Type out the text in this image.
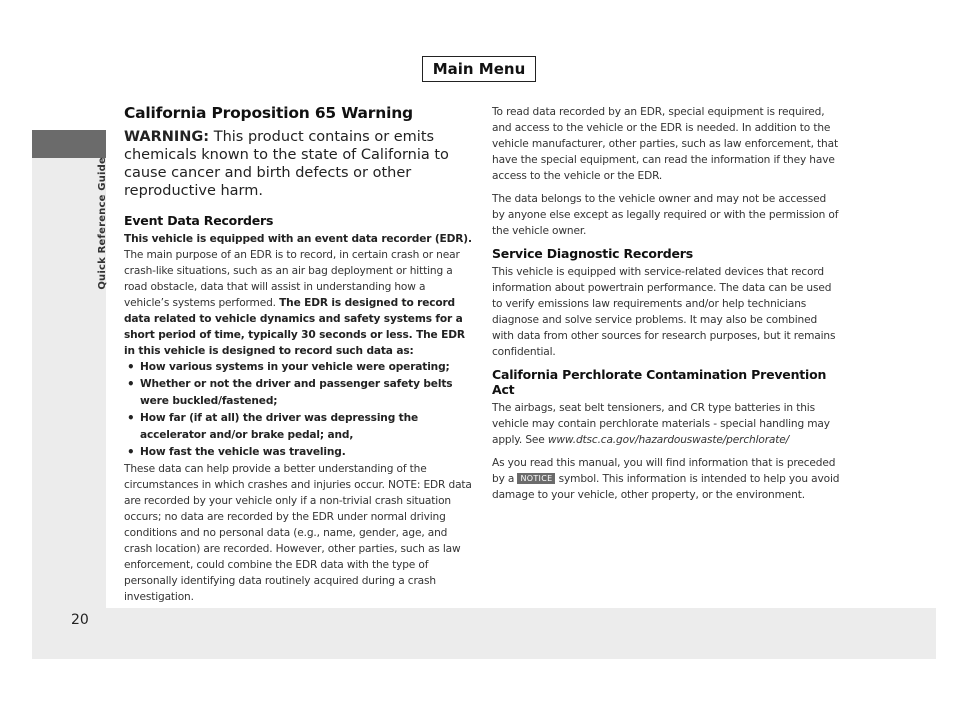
Main Menu
Quick Reference Guide
20
California Proposition 65 Warning
WARNING: This product contains or emits chemicals known to the state of California to cause cancer and birth defects or other reproductive harm.
Event Data Recorders

This vehicle is equipped with an event data recorder (EDR).

The main purpose of an EDR is to record, in certain crash or near crash-like situations, such as an air bag deployment or hitting a road obstacle, data that will assist in understanding how a vehicle’s systems performed. The EDR is designed to record data related to vehicle dynamics and safety systems for a short period of time, typically 30 seconds or less. The EDR in this vehicle is designed to record such data as:

• How various systems in your vehicle were operating;
• Whether or not the driver and passenger safety belts were buckled/fastened;
• How far (if at all) the driver was depressing the accelerator and/or brake pedal; and,
• How fast the vehicle was traveling.

These data can help provide a better understanding of the circumstances in which crashes and injuries occur. NOTE: EDR data are recorded by your vehicle only if a non-trivial crash situation occurs; no data are recorded by the EDR under normal driving conditions and no personal data (e.g., name, gender, age, and crash location) are recorded. However, other parties, such as law enforcement, could combine the EDR data with the type of personally identifying data routinely acquired during a crash investigation.

To read data recorded by an EDR, special equipment is required, and access to the vehicle or the EDR is needed. In addition to the vehicle manufacturer, other parties, such as law enforcement, that have the special equipment, can read the information if they have access to the vehicle or the EDR.

The data belongs to the vehicle owner and may not be accessed by anyone else except as legally required or with the permission of the vehicle owner.

Service Diagnostic Recorders

This vehicle is equipped with service-related devices that record information about powertrain performance. The data can be used to verify emissions law requirements and/or help technicians diagnose and solve service problems. It may also be combined with data from other sources for research purposes, but it remains confidential.

California Perchlorate Contamination Prevention Act

The airbags, seat belt tensioners, and CR type batteries in this vehicle may contain perchlorate materials - special handling may apply. See www.dtsc.ca.gov/hazardouswaste/perchlorate/

As you read this manual, you will find information that is preceded by a NOTICE symbol. This information is intended to help you avoid damage to your vehicle, other property, or the environment.
